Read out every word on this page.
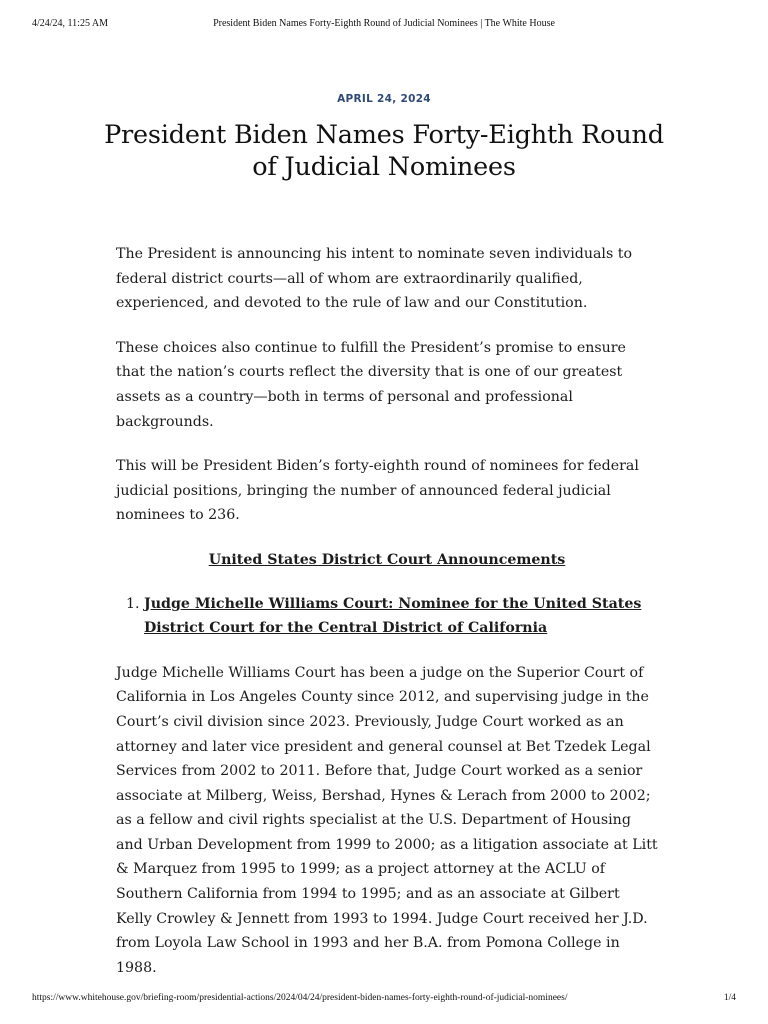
4/24/24, 11:25 AM	President Biden Names Forty-Eighth Round of Judicial Nominees | The White House
APRIL 24, 2024
President Biden Names Forty-Eighth Round of Judicial Nominees

The President is announcing his intent to nominate seven individuals to federal district courts—all of whom are extraordinarily qualified, experienced, and devoted to the rule of law and our Constitution.

These choices also continue to fulfill the President’s promise to ensure that the nation’s courts reflect the diversity that is one of our greatest assets as a country—both in terms of personal and professional backgrounds.

This will be President Biden’s forty-eighth round of nominees for federal judicial positions, bringing the number of announced federal judicial nominees to 236.

United States District Court Announcements
1. Judge Michelle Williams Court: Nominee for the United States District Court for the Central District of California

Judge Michelle Williams Court has been a judge on the Superior Court of California in Los Angeles County since 2012, and supervising judge in the Court’s civil division since 2023. Previously, Judge Court worked as an attorney and later vice president and general counsel at Bet Tzedek Legal Services from 2002 to 2011. Before that, Judge Court worked as a senior associate at Milberg, Weiss, Bershad, Hynes & Lerach from 2000 to 2002; as a fellow and civil rights specialist at the U.S. Department of Housing and Urban Development from 1999 to 2000; as a litigation associate at Litt & Marquez from 1995 to 1999; as a project attorney at the ACLU of Southern California from 1994 to 1995; and as an associate at Gilbert Kelly Crowley & Jennett from 1993 to 1994. Judge Court received her J.D. from Loyola Law School in 1993 and her B.A. from Pomona College in 1988.

https://www.whitehouse.gov/briefing-room/presidential-actions/2024/04/24/president-biden-names-forty-eighth-round-of-judicial-nominees/	1/4
